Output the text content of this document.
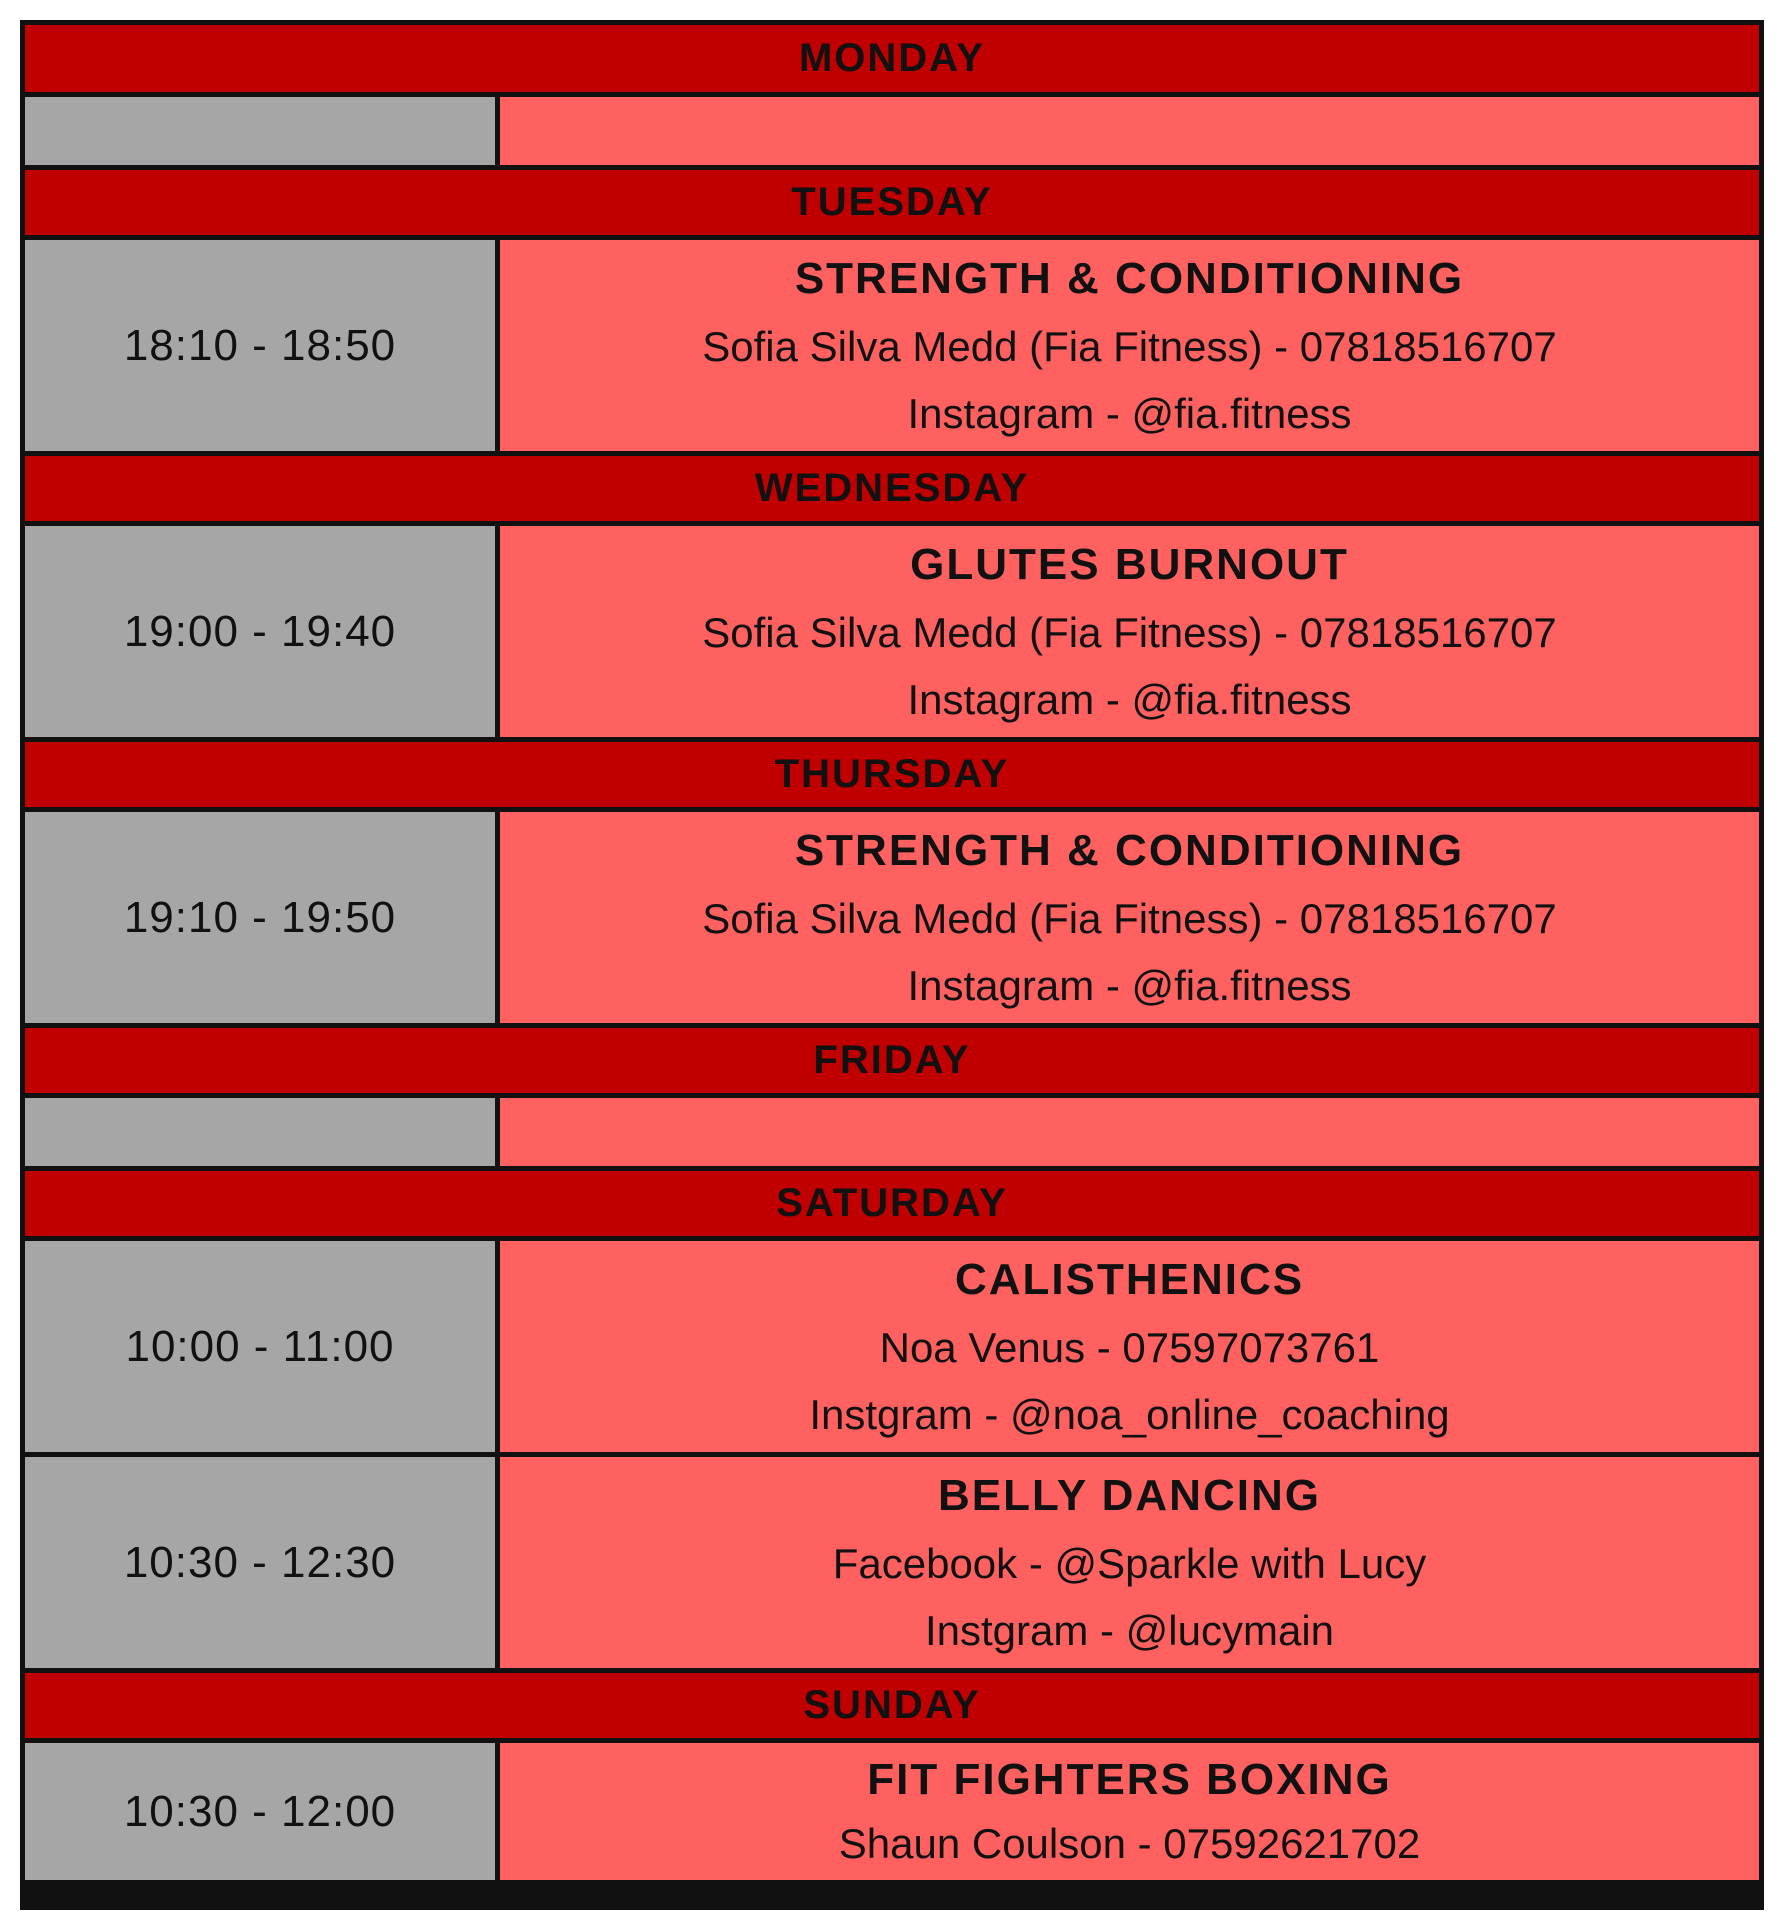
MONDAY
TUESDAY
18:10 - 18:50
STRENGTH & CONDITIONING
Sofia Silva Medd (Fia Fitness) - 07818516707
Instagram - @fia.fitness
WEDNESDAY
19:00 - 19:40
GLUTES BURNOUT
Sofia Silva Medd (Fia Fitness) - 07818516707
Instagram - @fia.fitness
THURSDAY
19:10 - 19:50
STRENGTH & CONDITIONING
Sofia Silva Medd (Fia Fitness) - 07818516707
Instagram - @fia.fitness
FRIDAY
SATURDAY
10:00 - 11:00
CALISTHENICS
Noa Venus - 07597073761
Instgram - @noa_online_coaching
10:30 - 12:30
BELLY DANCING
Facebook - @Sparkle with Lucy
Instgram - @lucymain
SUNDAY
10:30 - 12:00
FIT FIGHTERS BOXING
Shaun Coulson - 07592621702
